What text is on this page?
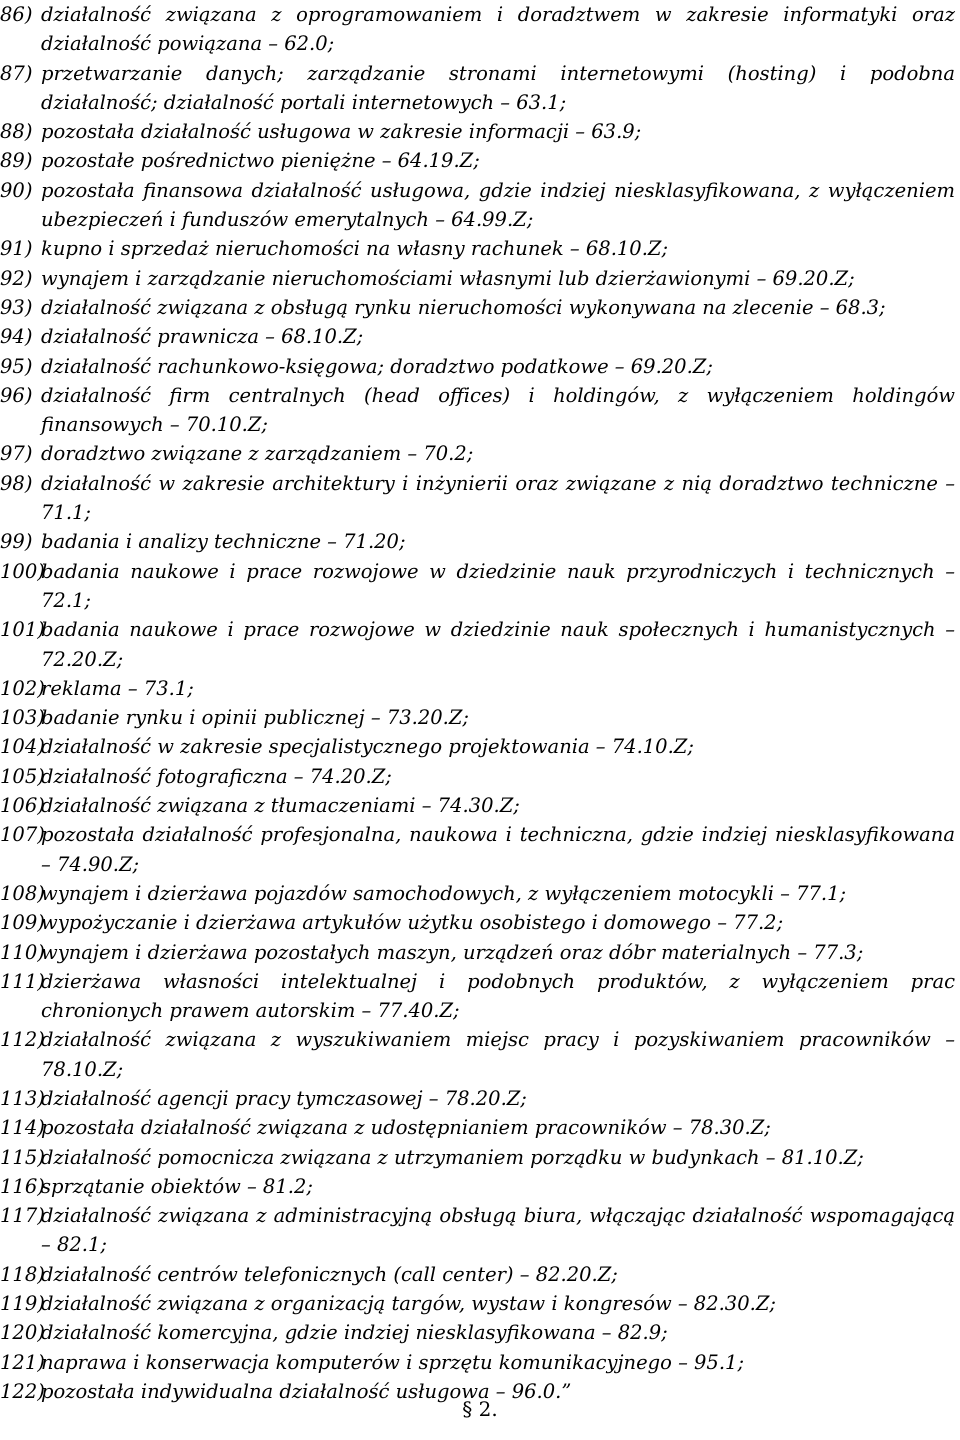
86) działalność związana z oprogramowaniem i doradztwem w zakresie informatyki oraz działalność powiązana – 62.0;
87) przetwarzanie danych; zarządzanie stronami internetowymi (hosting) i podobna działalność; działalność portali internetowych – 63.1;
88) pozostała działalność usługowa w zakresie informacji – 63.9;
89) pozostałe pośrednictwo pieniężne – 64.19.Z;
90) pozostała finansowa działalność usługowa, gdzie indziej niesklasyfikowana, z wyłączeniem ubezpieczeń i funduszów emerytalnych – 64.99.Z;
91) kupno i sprzedaż nieruchomości na własny rachunek – 68.10.Z;
92) wynajem i zarządzanie nieruchomościami własnymi lub dzierżawionymi – 69.20.Z;
93) działalność związana z obsługą rynku nieruchomości wykonywana na zlecenie – 68.3;
94) działalność prawnicza – 68.10.Z;
95) działalność rachunkowo-księgowa; doradztwo podatkowe – 69.20.Z;
96) działalność firm centralnych (head offices) i holdingów, z wyłączeniem holdingów finansowych – 70.10.Z;
97) doradztwo związane z zarządzaniem – 70.2;
98) działalność w zakresie architektury i inżynierii oraz związane z nią doradztwo techniczne – 71.1;
99) badania i analizy techniczne – 71.20;
100)
badania naukowe i prace rozwojowe w dziedzinie nauk przyrodniczych i technicznych – 72.1;
101)
badania naukowe i prace rozwojowe w dziedzinie nauk społecznych i humanistycznych – 72.20.Z;
102)
reklama – 73.1;
103)
badanie rynku i opinii publicznej – 73.20.Z;
104)
działalność w zakresie specjalistycznego projektowania – 74.10.Z;
105)
działalność fotograficzna – 74.20.Z;
106)
działalność związana z tłumaczeniami – 74.30.Z;
107)
pozostała działalność profesjonalna, naukowa i techniczna, gdzie indziej niesklasyfikowana – 74.90.Z;
108)
wynajem i dzierżawa pojazdów samochodowych, z wyłączeniem motocykli – 77.1;
109)
wypożyczanie i dzierżawa artykułów użytku osobistego i domowego – 77.2;
110)
wynajem i dzierżawa pozostałych maszyn, urządzeń oraz dóbr materialnych – 77.3;
111)
dzierżawa własności intelektualnej i podobnych produktów, z wyłączeniem prac chronionych prawem autorskim – 77.40.Z;
112)
działalność związana z wyszukiwaniem miejsc pracy i pozyskiwaniem pracowników – 78.10.Z;
113)
działalność agencji pracy tymczasowej – 78.20.Z;
114)
pozostała działalność związana z udostępnianiem pracowników – 78.30.Z;
115)
działalność pomocnicza związana z utrzymaniem porządku w budynkach – 81.10.Z;
116)
sprzątanie obiektów – 81.2;
117)
działalność związana z administracyjną obsługą biura, włączając działalność wspomagającą – 82.1;
118)
działalność centrów telefonicznych (call center) – 82.20.Z;
119)
działalność związana z organizacją targów, wystaw i kongresów – 82.30.Z;
120)
działalność komercyjna, gdzie indziej niesklasyfikowana – 82.9;
121)
naprawa i konserwacja komputerów i sprzętu komunikacyjnego – 95.1;
122)
pozostała indywidualna działalność usługowa – 96.0.”
§ 2.
